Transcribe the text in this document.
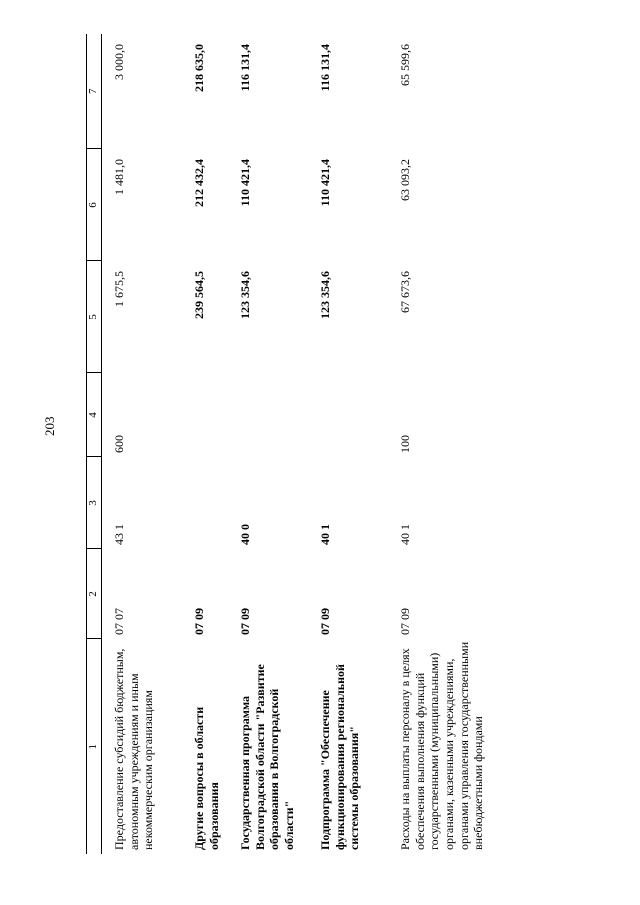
203
1	2	3	4	5	6	7
Предоставление субсидий бюджетным, автономным учреждениям и иным некоммерческим организациям	07 07	43 1	600	1 675,5	1 481,0	3 000,0
Другие вопросы в области образования	07 09			239 564,5	212 432,4	218 635,0
Государственная программа Волгоградской области "Развитие образования в Волгоградской области"	07 09	40 0		123 354,6	110 421,4	116 131,4
Подпрограмма "Обеспечение функционирования региональной системы образования"	07 09	40 1		123 354,6	110 421,4	116 131,4
Расходы на выплаты персоналу в целях обеспечения выполнения функций государственными (муниципальными) органами, казенными учреждениями, органами управления государственными внебюджетными фондами	07 09	40 1	100	67 673,6	63 093,2	65 599,6
